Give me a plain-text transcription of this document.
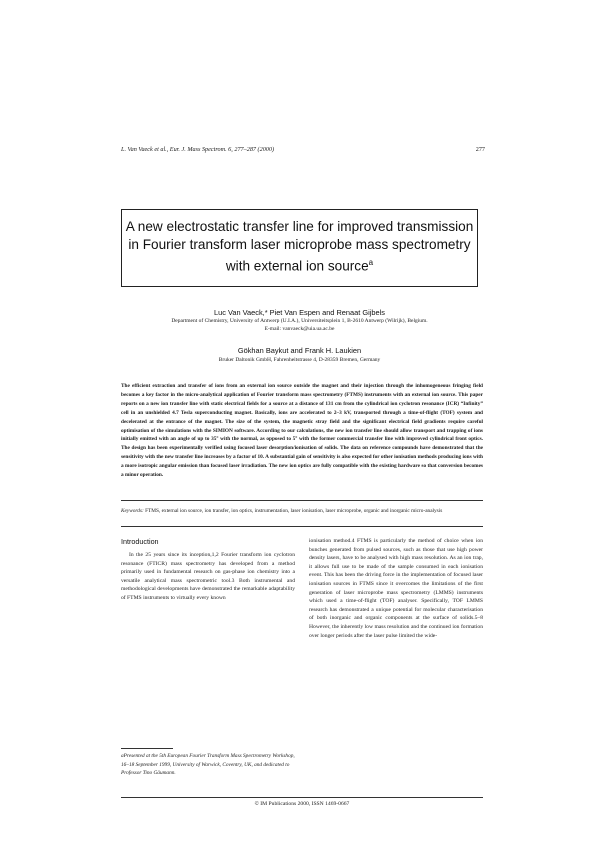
L. Van Vaeck et al., Eur. J. Mass Spectrom. 6, 277–287 (2000)	277
A new electrostatic transfer line for improved transmission in Fourier transform laser microprobe mass spectrometry with external ion source$^a$
Luc Van Vaeck,* Piet Van Espen and Renaat Gijbels
Department of Chemistry, University of Antwerp (U.I.A.), Universiteitsplein 1, B-2610 Antwerp (Wilrijk), Belgium.
E-mail: vanvaeck@uia.ua.ac.be
Gökhan Baykut and Frank H. Laukien
Bruker Daltonik GmbH, Fahrenheitstrasse 4, D-28359 Bremen, Germany

The efficient extraction and transfer of ions from an external ion source outside the magnet and their injection through the inhomogeneous fringing field becomes a key factor in the micro-analytical application of Fourier transform mass spectrometry (FTMS) instruments with an external ion source. This paper reports on a new ion transfer line with static electrical fields for a source at a distance of 131 cm from the cylindrical ion cyclotron resonance (ICR) “Infinity” cell in an unshielded 4.7 Tesla superconducting magnet. Basically, ions are accelerated to 2–3 kV, transported through a time-of-flight (TOF) system and decelerated at the entrance of the magnet. The size of the system, the magnetic stray field and the significant electrical field gradients require careful optimisation of the simulations with the SIMION software. According to our calculations, the new ion transfer line should allow transport and trapping of ions initially emitted with an angle of up to 35° with the normal, as opposed to 5° with the former commercial transfer line with improved cylindrical front optics. The design has been experimentally verified using focused laser desorption/ionisation of solids. The data on reference compounds have demonstrated that the sensitivity with the new transfer line increases by a factor of 10. A substantial gain of sensitivity is also expected for other ionisation methods producing ions with a more isotropic angular emission than focused laser irradiation. The new ion optics are fully compatible with the existing hardware so that conversion becomes a minor operation.

Keywords: FTMS, external ion source, ion transfer, ion optics, instrumentation, laser ionisation, laser microprobe, organic and inorganic micro-analysis

Introduction

In the 25 years since its inception,1,2 Fourier transform ion cyclotron resonance (FTICR) mass spectrometry has developed from a method primarily used in fundamental research on gas-phase ion chemistry into a versatile analytical mass spectrometric tool.3 Both instrumental and methodological developments have demonstrated the remarkable adaptability of FTMS instruments to virtually every known

ionisation method.4 FTMS is particularly the method of choice when ion bunches generated from pulsed sources, such as those that use high power density lasers, have to be analysed with high mass resolution. As an ion trap, it allows full use to be made of the sample consumed in each ionisation event. This has been the driving force in the implementation of focused laser ionisation sources in FTMS since it overcomes the limitations of the first generation of laser microprobe mass spectrometry (LMMS) instruments which used a time-of-flight (TOF) analyser. Specifically, TOF LMMS research has demonstrated a unique potential for molecular characterisation of both inorganic and organic components at the surface of solids.5–8 However, the inherently low mass resolution and the continued ion formation over longer periods after the laser pulse limited the wide-

aPresented at the 5th European Fourier Transform Mass Spectrometry Workshop, 16–18 September 1999, University of Warwick, Coventry, UK, and dedicated to Professor Tino Gäumann.

© IM Publications 2000, ISSN 1469-0667
